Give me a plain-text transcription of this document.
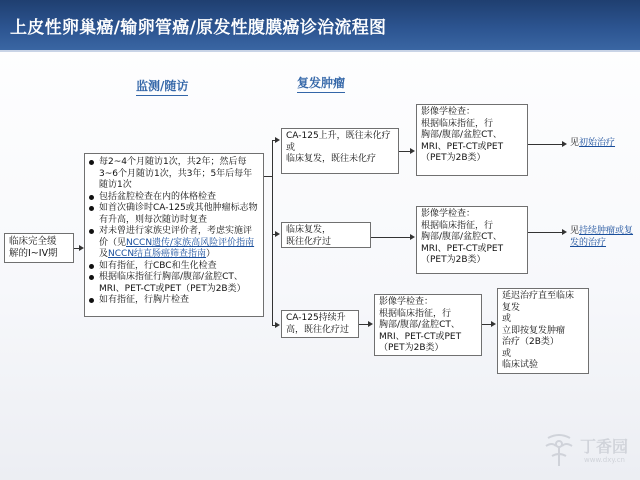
上皮性卵巢癌/输卵管癌/原发性腹膜癌诊治流程图
监测/随访	复发肿瘤
临床完全缓
解的I~IV期
每2~4个月随访1次，共2年；然后每3~6个月随访1次，共3年；5年后每年随访1次
包括盆腔检查在内的体格检查
如首次确诊时CA-125或其他肿瘤标志物有升高，则每次随访时复查
对未曾进行家族史评价者，考虑实施评价（见NCCN遗传/家族高风险评价指南及NCCN结直肠癌筛查指南）
如有指征，行CBC和生化检查
根据临床指征行胸部/腹部/盆腔CT、MRI、PET-CT或PET（PET为2B类）
如有指征，行胸片检查
CA-125上升，既往未化疗
或
临床复发，既往未化疗
影像学检查：
根据临床指征，行
胸部/腹部/盆腔CT、
MRI、PET-CT或PET
（PET为2B类）
见初始治疗
临床复发，
既往化疗过
影像学检查：
根据临床指征，行
胸部/腹部/盆腔CT、
MRI、PET-CT或PET
（PET为2B类）
见持续肿瘤或复发的治疗
CA-125持续升
高，既往化疗过
影像学检查：
根据临床指征，行
胸部/腹部/盆腔CT、
MRI、PET-CT或PET
（PET为2B类）
延迟治疗直至临床
复发
或
立即按复发肿瘤
治疗（2B类）
或
临床试验
丁香园
www.dxy.cn
